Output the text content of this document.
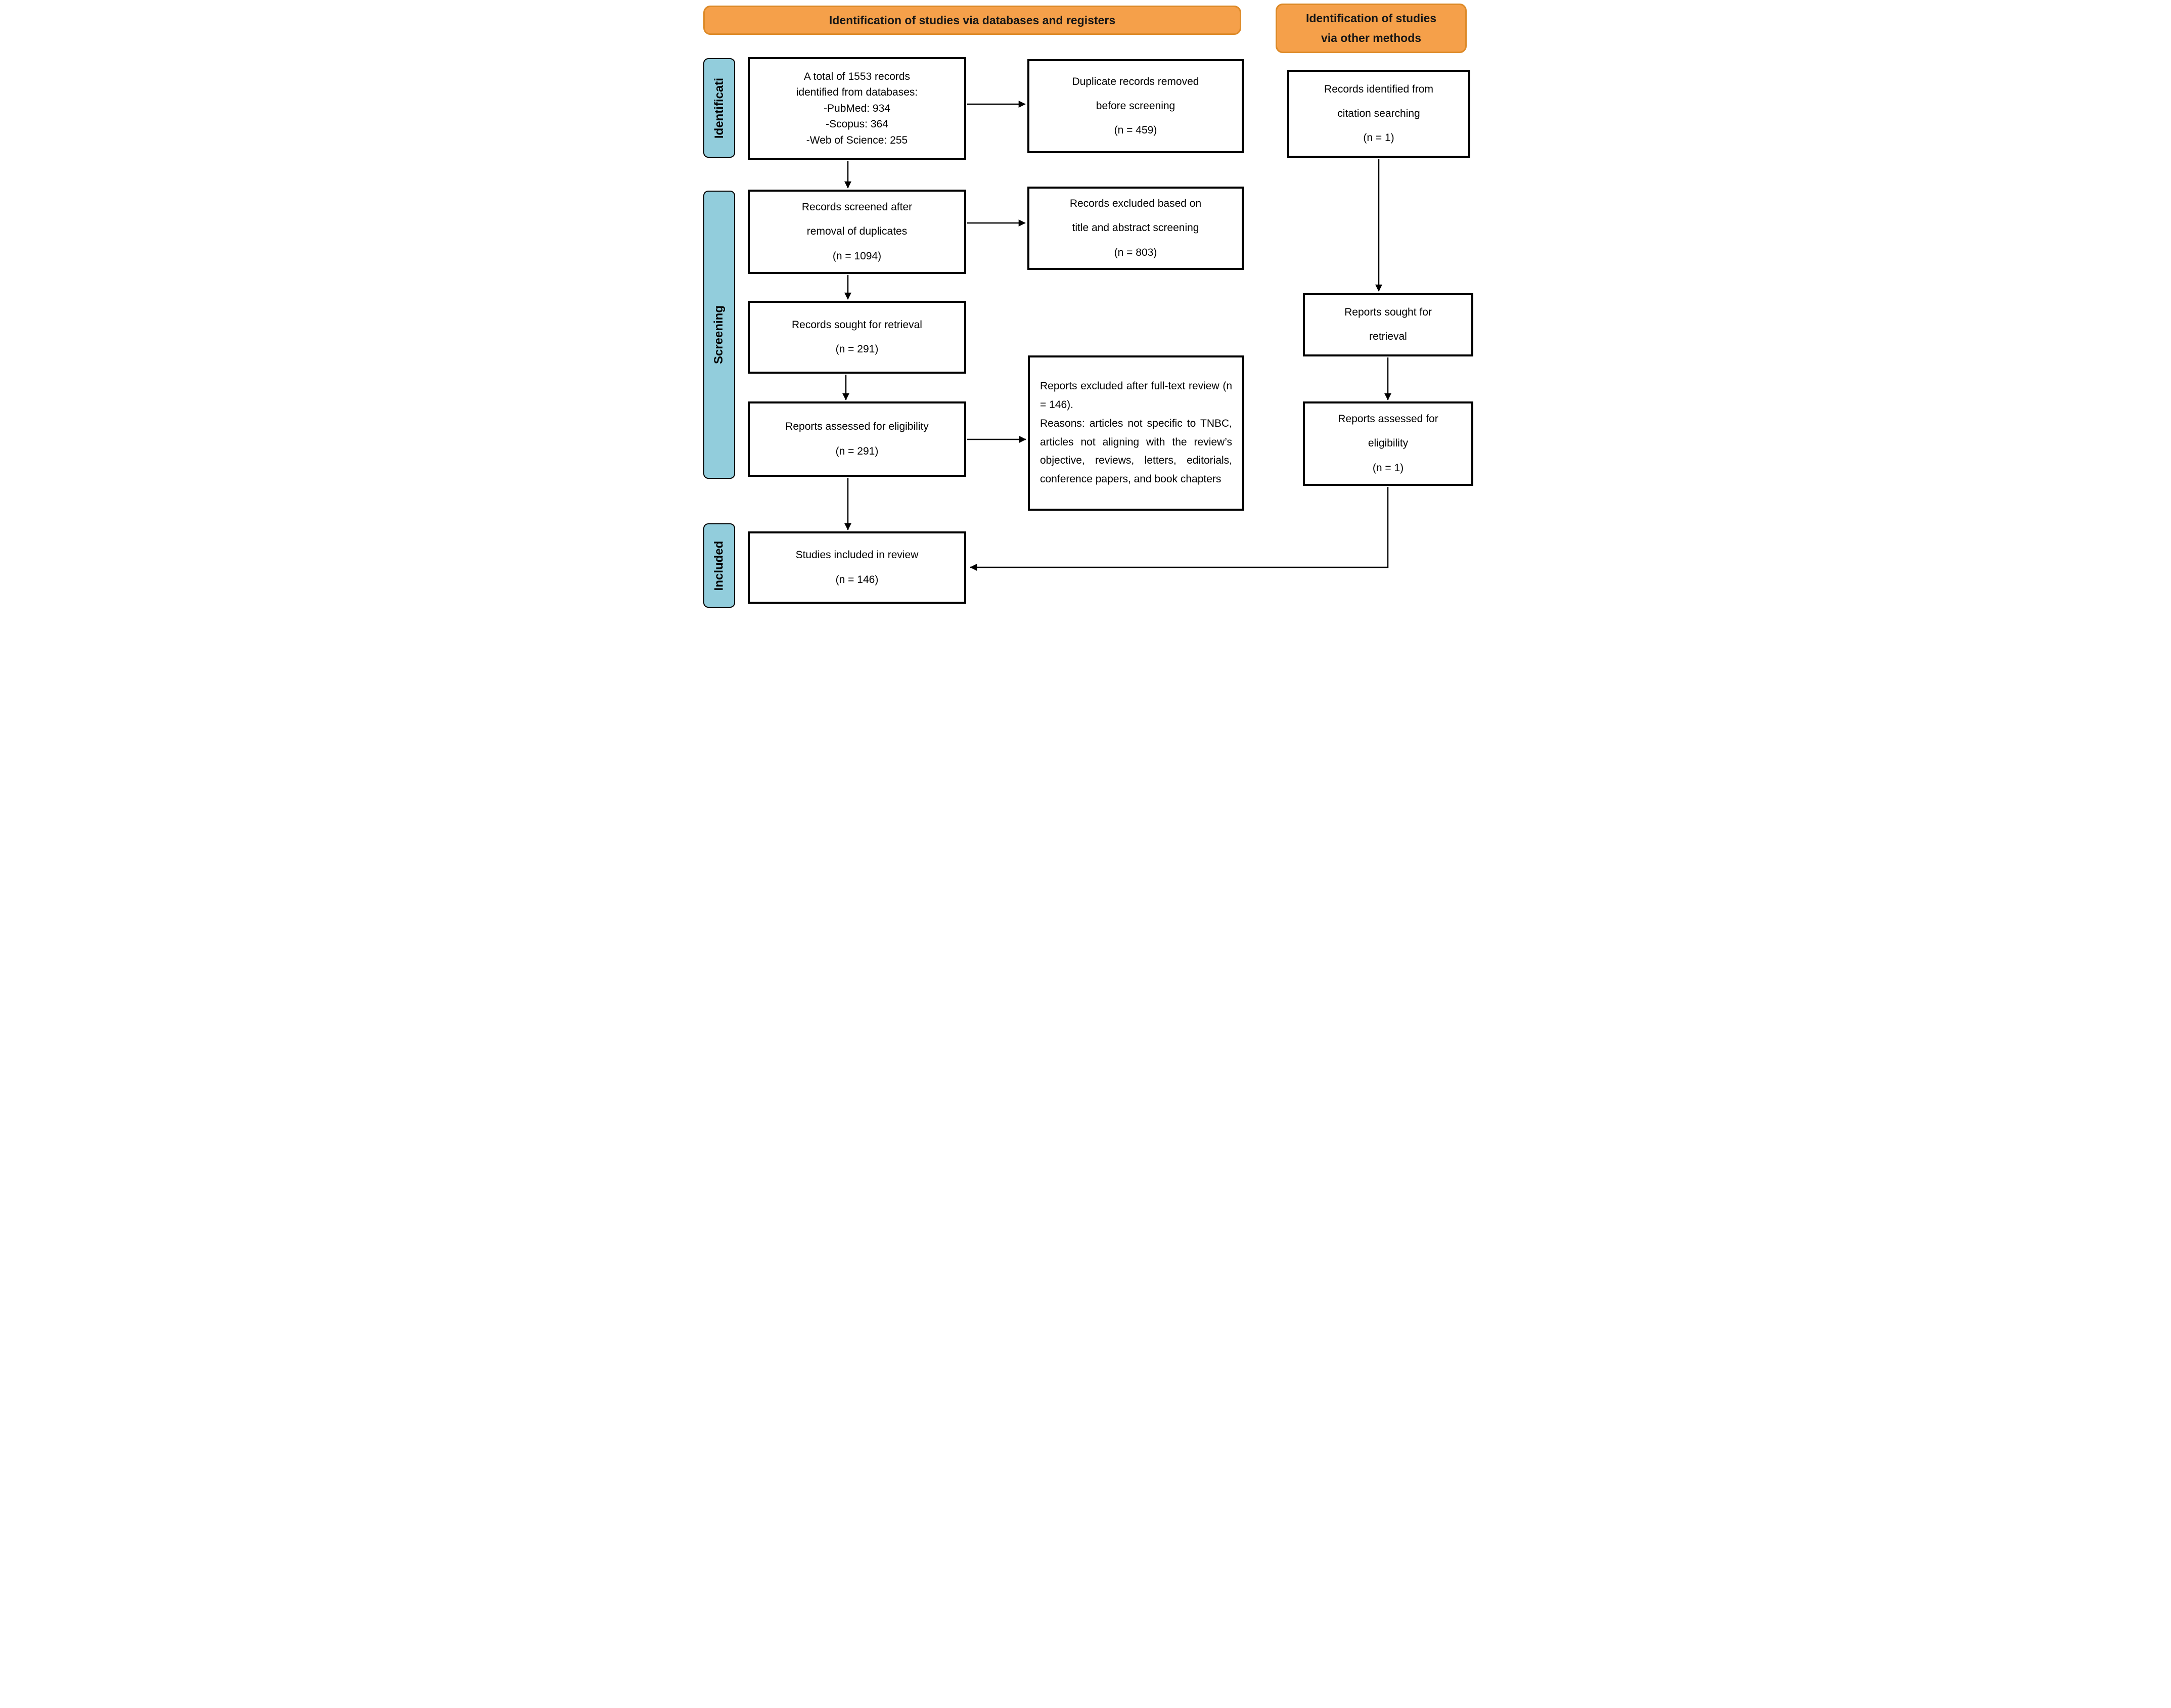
Identification of studies via databases and registers	Identification of studies
via other methods
Identificati
Screening
Included
A total of 1553 records
identified from databases:
-PubMed: 934
-Scopus: 364
-Web of Science: 255
Records screened after
removal of duplicates
(n = 1094)
Records sought for retrieval
(n = 291)
Reports assessed for eligibility
(n = 291)
Studies included in review
(n = 146)
Duplicate records removed
before screening
(n = 459)
Records excluded based on
title and abstract screening
(n = 803)
Reports excluded after full-text review (n = 146).
Reasons: articles not specific to TNBC, articles not aligning with the review’s objective, reviews, letters, editorials, conference papers, and book chapters
Records identified from
citation searching
(n = 1)
Reports sought for
retrieval
Reports assessed for
eligibility
(n = 1)
